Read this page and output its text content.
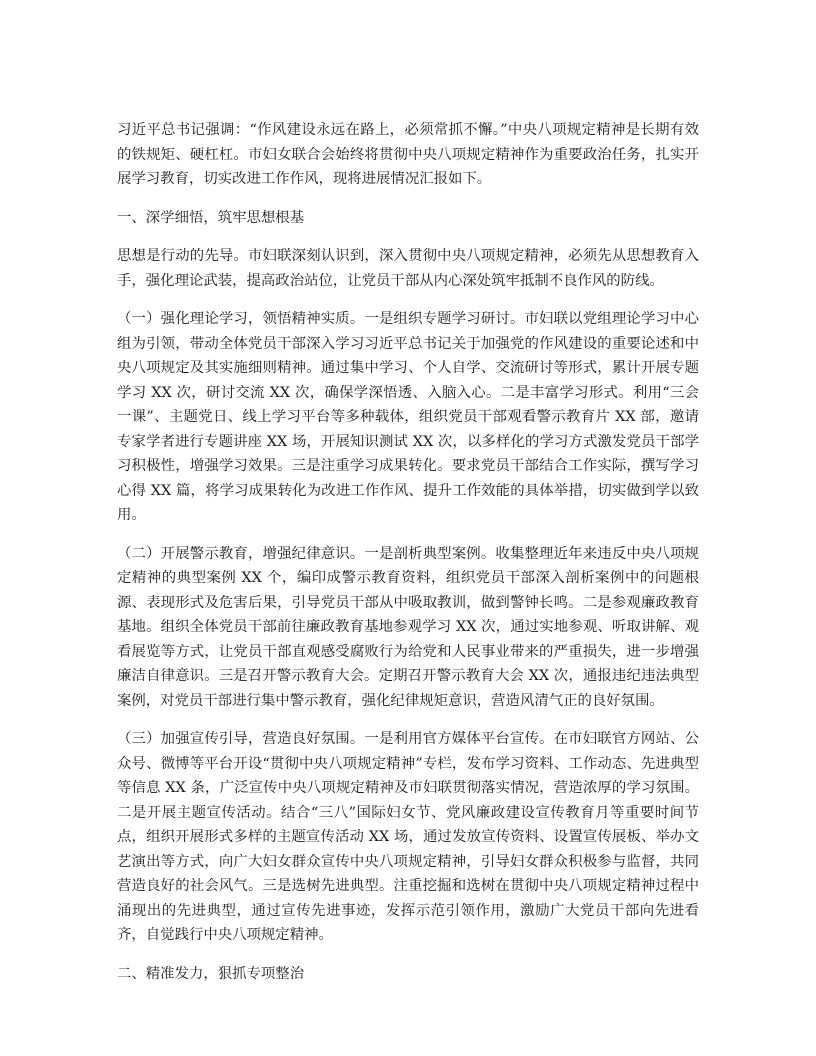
习近平总书记强调：“作风建设永远在路上，必须常抓不懈。”中央八项规定精神是长期有效的铁规矩、硬杠杠。市妇女联合会始终将贯彻中央八项规定精神作为重要政治任务，扎实开展学习教育，切实改进工作作风，现将进展情况汇报如下。

一、深学细悟，筑牢思想根基

思想是行动的先导。市妇联深刻认识到，深入贯彻中央八项规定精神，必须先从思想教育入手，强化理论武装，提高政治站位，让党员干部从内心深处筑牢抵制不良作风的防线。

（一）强化理论学习，领悟精神实质。一是组织专题学习研讨。市妇联以党组理论学习中心组为引领，带动全体党员干部深入学习习近平总书记关于加强党的作风建设的重要论述和中央八项规定及其实施细则精神。通过集中学习、个人自学、交流研讨等形式，累计开展专题学习 XX 次，研讨交流 XX 次，确保学深悟透、入脑入心。二是丰富学习形式。利用“三会一课”、主题党日、线上学习平台等多种载体，组织党员干部观看警示教育片 XX 部，邀请专家学者进行专题讲座 XX 场，开展知识测试 XX 次，以多样化的学习方式激发党员干部学习积极性，增强学习效果。三是注重学习成果转化。要求党员干部结合工作实际，撰写学习心得 XX 篇，将学习成果转化为改进工作作风、提升工作效能的具体举措，切实做到学以致用。

（二）开展警示教育，增强纪律意识。一是剖析典型案例。收集整理近年来违反中央八项规定精神的典型案例 XX 个，编印成警示教育资料，组织党员干部深入剖析案例中的问题根源、表现形式及危害后果，引导党员干部从中吸取教训，做到警钟长鸣。二是参观廉政教育基地。组织全体党员干部前往廉政教育基地参观学习 XX 次，通过实地参观、听取讲解、观看展览等方式，让党员干部直观感受腐败行为给党和人民事业带来的严重损失，进一步增强廉洁自律意识。三是召开警示教育大会。定期召开警示教育大会 XX 次，通报违纪违法典型案例，对党员干部进行集中警示教育，强化纪律规矩意识，营造风清气正的良好氛围。

（三）加强宣传引导，营造良好氛围。一是利用官方媒体平台宣传。在市妇联官方网站、公众号、微博等平台开设“贯彻中央八项规定精神”专栏，发布学习资料、工作动态、先进典型等信息 XX 条，广泛宣传中央八项规定精神及市妇联贯彻落实情况，营造浓厚的学习氛围。二是开展主题宣传活动。结合“三八”国际妇女节、党风廉政建设宣传教育月等重要时间节点，组织开展形式多样的主题宣传活动 XX 场，通过发放宣传资料、设置宣传展板、举办文艺演出等方式，向广大妇女群众宣传中央八项规定精神，引导妇女群众积极参与监督，共同营造良好的社会风气。三是选树先进典型。注重挖掘和选树在贯彻中央八项规定精神过程中涌现出的先进典型，通过宣传先进事迹，发挥示范引领作用，激励广大党员干部向先进看齐，自觉践行中央八项规定精神。

二、精准发力，狠抓专项整治
